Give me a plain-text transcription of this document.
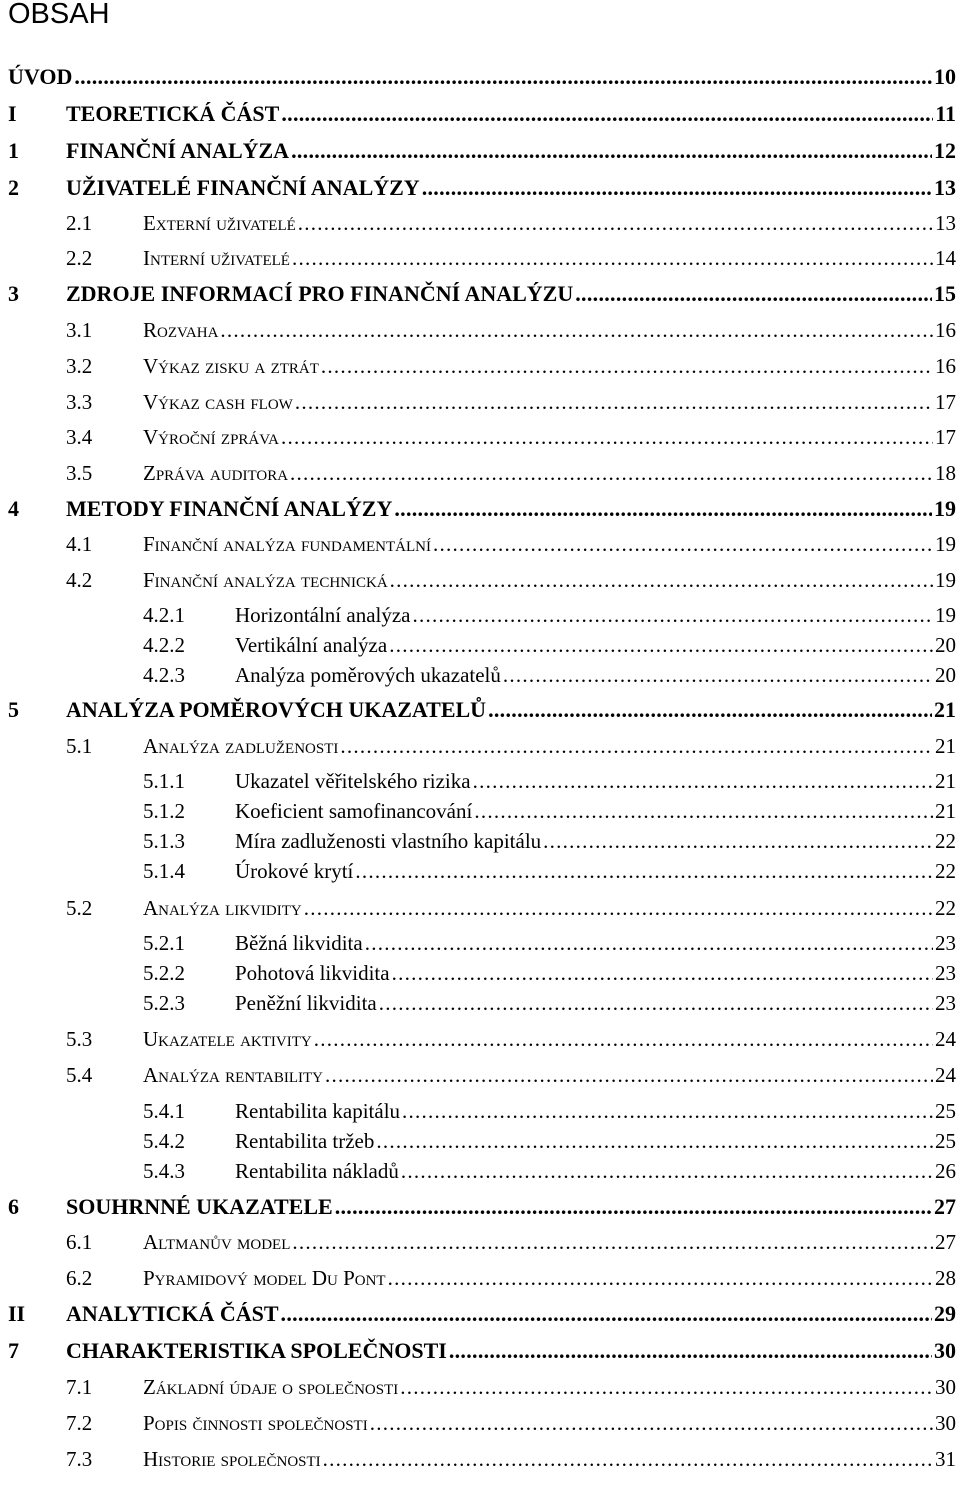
OBSAH
ÚVOD . . .	10
I	TEORETICKÁ ČÁST . . .	11
1	FINANČNÍ ANALÝZA . . .	12
2	UŽIVATELÉ FINANČNÍ ANALÝZY . . .	13
2.1	Externí uživatelé . . .	13
2.2	Interní uživatelé . . .	14
3	ZDROJE INFORMACÍ PRO FINANČNÍ ANALÝZU . . .	15
3.1	Rozvaha . . .	16
3.2	Výkaz zisku a ztrát . . .	16
3.3	Výkaz cash flow . . .	17
3.4	Výroční zpráva . . .	17
3.5	Zpráva auditora . . .	18
4	METODY FINANČNÍ ANALÝZY . . .	19
4.1	Finanční analýza fundamentální . . .	19
4.2	Finanční analýza technická . . .	19
4.2.1	Horizontální analýza . . .	19
4.2.2	Vertikální analýza . . .	20
4.2.3	Analýza poměrových ukazatelů . . .	20
5	ANALÝZA POMĚROVÝCH UKAZATELŮ . . .	21
5.1	Analýza zadluženosti . . .	21
5.1.1	Ukazatel věřitelského rizika . . .	21
5.1.2	Koeficient samofinancování . . .	21
5.1.3	Míra zadluženosti vlastního kapitálu . . .	22
5.1.4	Úrokové krytí . . .	22
5.2	Analýza likvidity . . .	22
5.2.1	Běžná likvidita . . .	23
5.2.2	Pohotová likvidita . . .	23
5.2.3	Peněžní likvidita . . .	23
5.3	Ukazatele aktivity . . .	24
5.4	Analýza rentability . . .	24
5.4.1	Rentabilita kapitálu . . .	25
5.4.2	Rentabilita tržeb . . .	25
5.4.3	Rentabilita nákladů . . .	26
6	SOUHRNNÉ UKAZATELE . . .	27
6.1	Altmanův model . . .	27
6.2	Pyramidový model Du Pont . . .	28
II	ANALYTICKÁ ČÁST . . .	29
7	CHARAKTERISTIKA SPOLEČNOSTI . . .	30
7.1	Základní údaje o společnosti . . .	30
7.2	Popis činnosti společnosti . . .	30
7.3	Historie společnosti . . .	31
